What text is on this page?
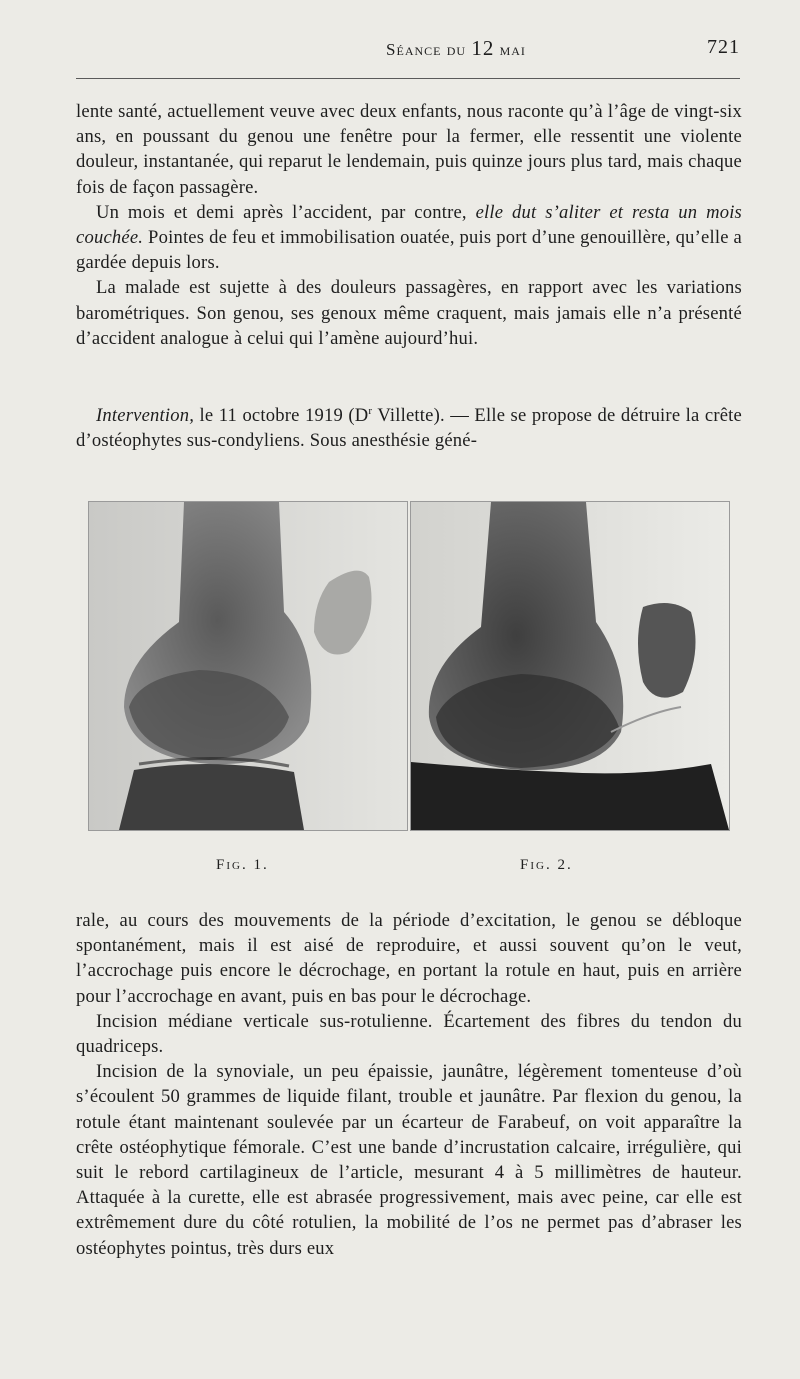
Séance du 12 mai	721

lente santé, actuellement veuve avec deux enfants, nous raconte qu’à l’âge de vingt-six ans, en poussant du genou une fenêtre pour la fermer, elle ressentit une violente douleur, instantanée, qui reparut le lendemain, puis quinze jours plus tard, mais chaque fois de façon passagère.

Un mois et demi après l’accident, par contre, elle dut s’aliter et resta un mois couchée. Pointes de feu et immobilisation ouatée, puis port d’une genouillère, qu’elle a gardée depuis lors.

La malade est sujette à des douleurs passagères, en rapport avec les variations barométriques. Son genou, ses genoux même craquent, mais jamais elle n’a présenté d’accident analogue à celui qui l’amène aujourd’hui.

Intervention, le 11 octobre 1919 ($D^r$ Villette). — Elle se propose de détruire la crête d’ostéophytes sus-condyliens. Sous anesthésie géné-

Fig. 1.	Fig. 2.

rale, au cours des mouvements de la période d’excitation, le genou se débloque spontanément, mais il est aisé de reproduire, et aussi souvent qu’on le veut, l’accrochage puis encore le décrochage, en portant la rotule en haut, puis en arrière pour l’accrochage en avant, puis en bas pour le décrochage.

Incision médiane verticale sus-rotulienne. Écartement des fibres du tendon du quadriceps.

Incision de la synoviale, un peu épaissie, jaunâtre, légèrement tomenteuse d’où s’écoulent 50 grammes de liquide filant, trouble et jaunâtre. Par flexion du genou, la rotule étant maintenant soulevée par un écarteur de Farabeuf, on voit apparaître la crête ostéophytique fémorale. C’est une bande d’incrustation calcaire, irrégulière, qui suit le rebord cartilagineux de l’article, mesurant 4 à 5 millimètres de hauteur. Attaquée à la curette, elle est abrasée progressivement, mais avec peine, car elle est extrêmement dure du côté rotulien, la mobilité de l’os ne permet pas d’abraser les ostéophytes pointus, très durs eux
